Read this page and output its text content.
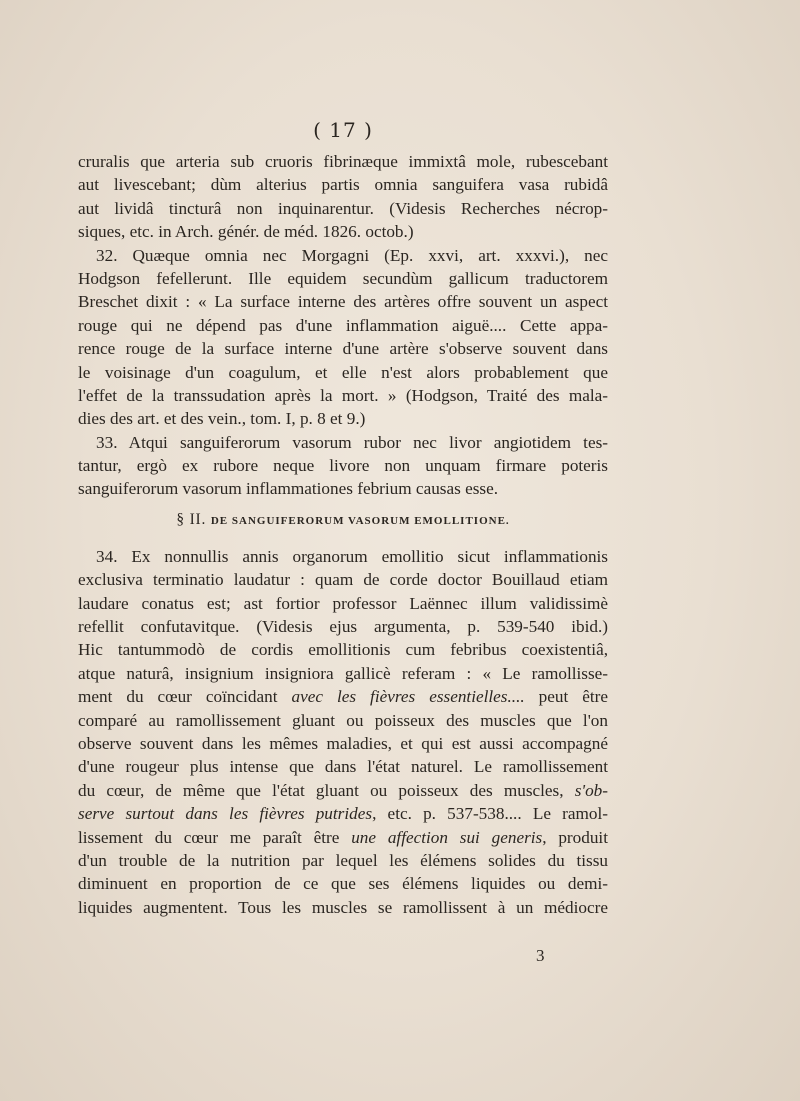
( 17 )
cruralis que arteria sub cruoris fibrinæque immixtâ mole, rubescebant
aut livescebant; dùm alterius partis omnia sanguifera vasa rubidâ
aut lividâ tincturâ non inquinarentur. (Videsis Recherches nécrop-
siques, etc. in Arch. génér. de méd. 1826. octob.)
32. Quæque omnia nec Morgagni (Ep. xxvi, art. xxxvi.), nec
Hodgson fefellerunt. Ille equidem secundùm gallicum traductorem
Breschet dixit : « La surface interne des artères offre souvent un aspect
rouge qui ne dépend pas d'une inflammation aiguë.... Cette appa-
rence rouge de la surface interne d'une artère s'observe souvent dans
le voisinage d'un coagulum, et elle n'est alors probablement que
l'effet de la transsudation après la mort. » (Hodgson, Traité des mala-
dies des art. et des vein., tom. I, p. 8 et 9.)
33. Atqui sanguiferorum vasorum rubor nec livor angiotidem tes-
tantur, ergò ex rubore neque livore non unquam firmare poteris
sanguiferorum vasorum inflammationes febrium causas esse.
§ II. DE SANGUIFERORUM VASORUM EMOLLITIONE.
34. Ex nonnullis annis organorum emollitio sicut inflammationis
exclusiva terminatio laudatur : quam de corde doctor Bouillaud etiam
laudare conatus est; ast fortior professor Laënnec illum validissimè
refellit confutavitque. (Videsis ejus argumenta, p. 539-540 ibid.)
Hic tantummodò de cordis emollitionis cum febribus coexistentiâ,
atque naturâ, insignium insigniora gallicè referam : « Le ramollisse-
ment du cœur coïncidant avec les fièvres essentielles.... peut être
comparé au ramollissement gluant ou poisseux des muscles que l'on
observe souvent dans les mêmes maladies, et qui est aussi accompagné
d'une rougeur plus intense que dans l'état naturel. Le ramollissement
du cœur, de même que l'état gluant ou poisseux des muscles, s'ob-
serve surtout dans les fièvres putrides, etc. p. 537-538.... Le ramol-
lissement du cœur me paraît être une affection sui generis, produit
d'un trouble de la nutrition par lequel les élémens solides du tissu
diminuent en proportion de ce que ses élémens liquides ou demi-
liquides augmentent. Tous les muscles se ramollissent à un médiocre
3
